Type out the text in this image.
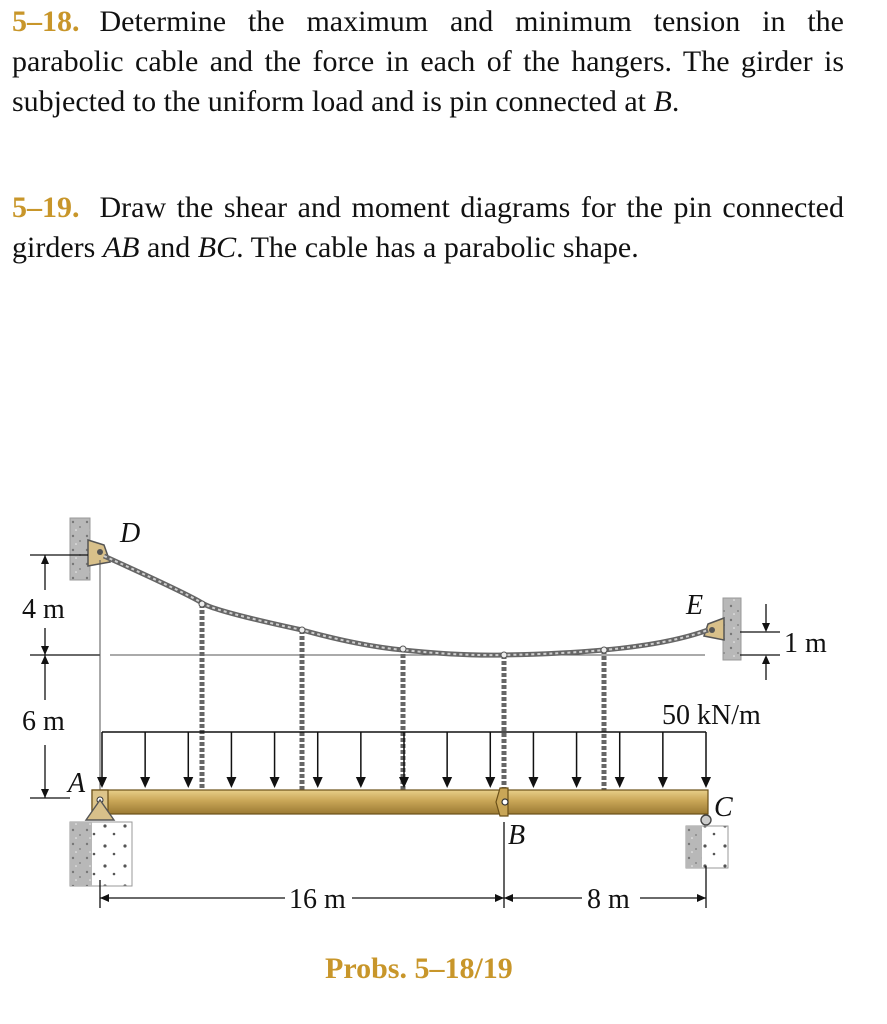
5–18. Determine the maximum and minimum tension in the parabolic cable and the force in each of the hangers. The girder is subjected to the uniform load and is pin connected at B.
5–19. Draw the shear and moment diagrams for the pin connected girders AB and BC. The cable has a parabolic shape.
D
E
A
B
C
4 m
6 m
1 m
16 m	8 m
50 kN/m
Probs. 5–18/19
